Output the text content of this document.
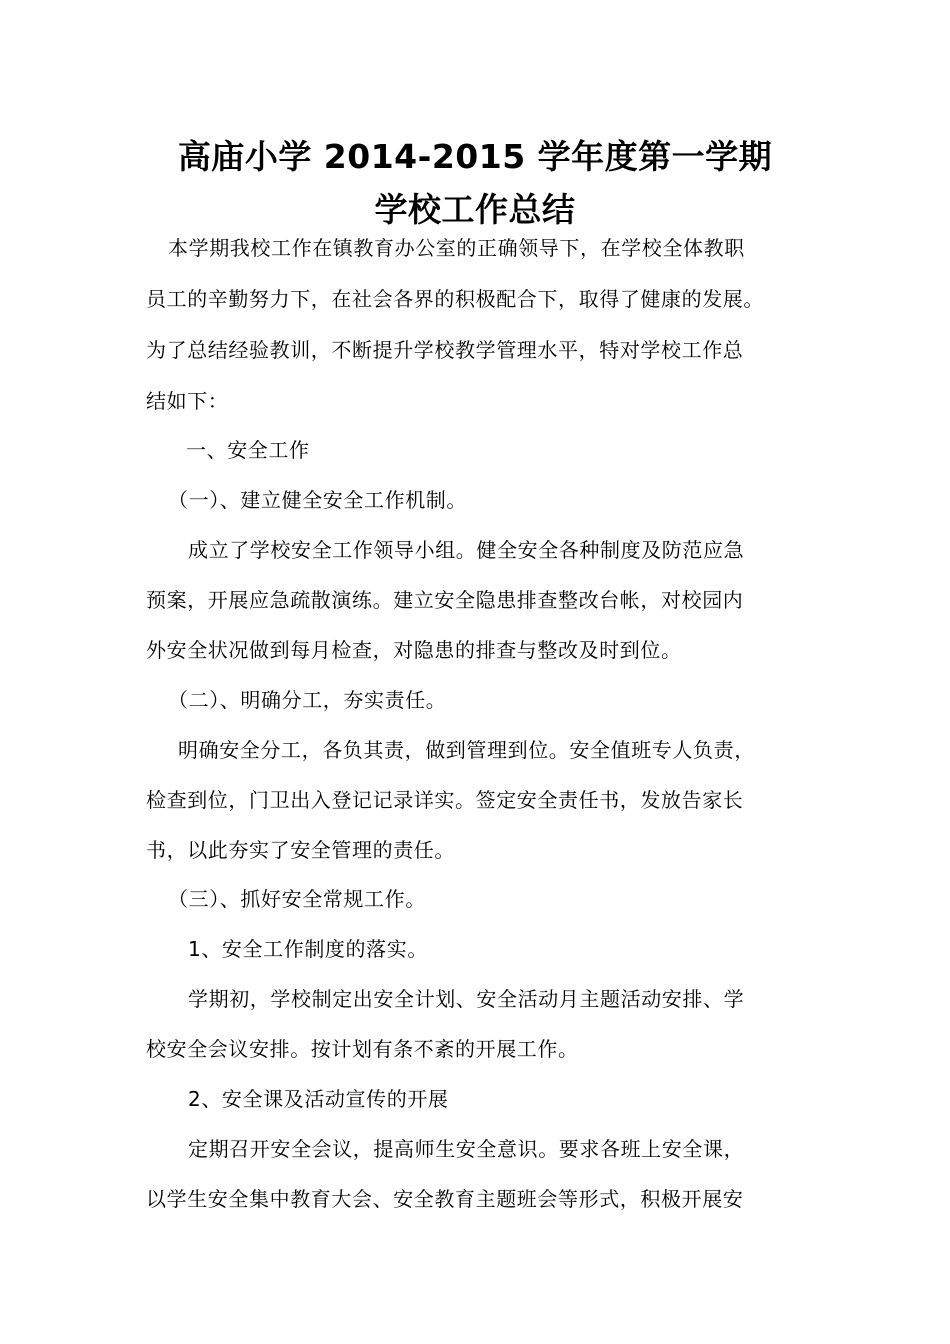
高庙小学 2014-2015 学年度第一学期
学校工作总结
本学期我校工作在镇教育办公室的正确领导下，在学校全体教职
员工的辛勤努力下，在社会各界的积极配合下，取得了健康的发展。
为了总结经验教训，不断提升学校教学管理水平，特对学校工作总
结如下：
一、安全工作
（一）、建立健全安全工作机制。
成立了学校安全工作领导小组。健全安全各种制度及防范应急
预案，开展应急疏散演练。建立安全隐患排查整改台帐，对校园内
外安全状况做到每月检查，对隐患的排查与整改及时到位。
（二）、明确分工，夯实责任。
明确安全分工，各负其责，做到管理到位。安全值班专人负责，
检查到位，门卫出入登记记录详实。签定安全责任书，发放告家长
书，以此夯实了安全管理的责任。
（三）、抓好安全常规工作。
1、安全工作制度的落实。
学期初，学校制定出安全计划、安全活动月主题活动安排、学
校安全会议安排。按计划有条不紊的开展工作。
2、安全课及活动宣传的开展
定期召开安全会议，提高师生安全意识。要求各班上安全课，
以学生安全集中教育大会、安全教育主题班会等形式，积极开展安
